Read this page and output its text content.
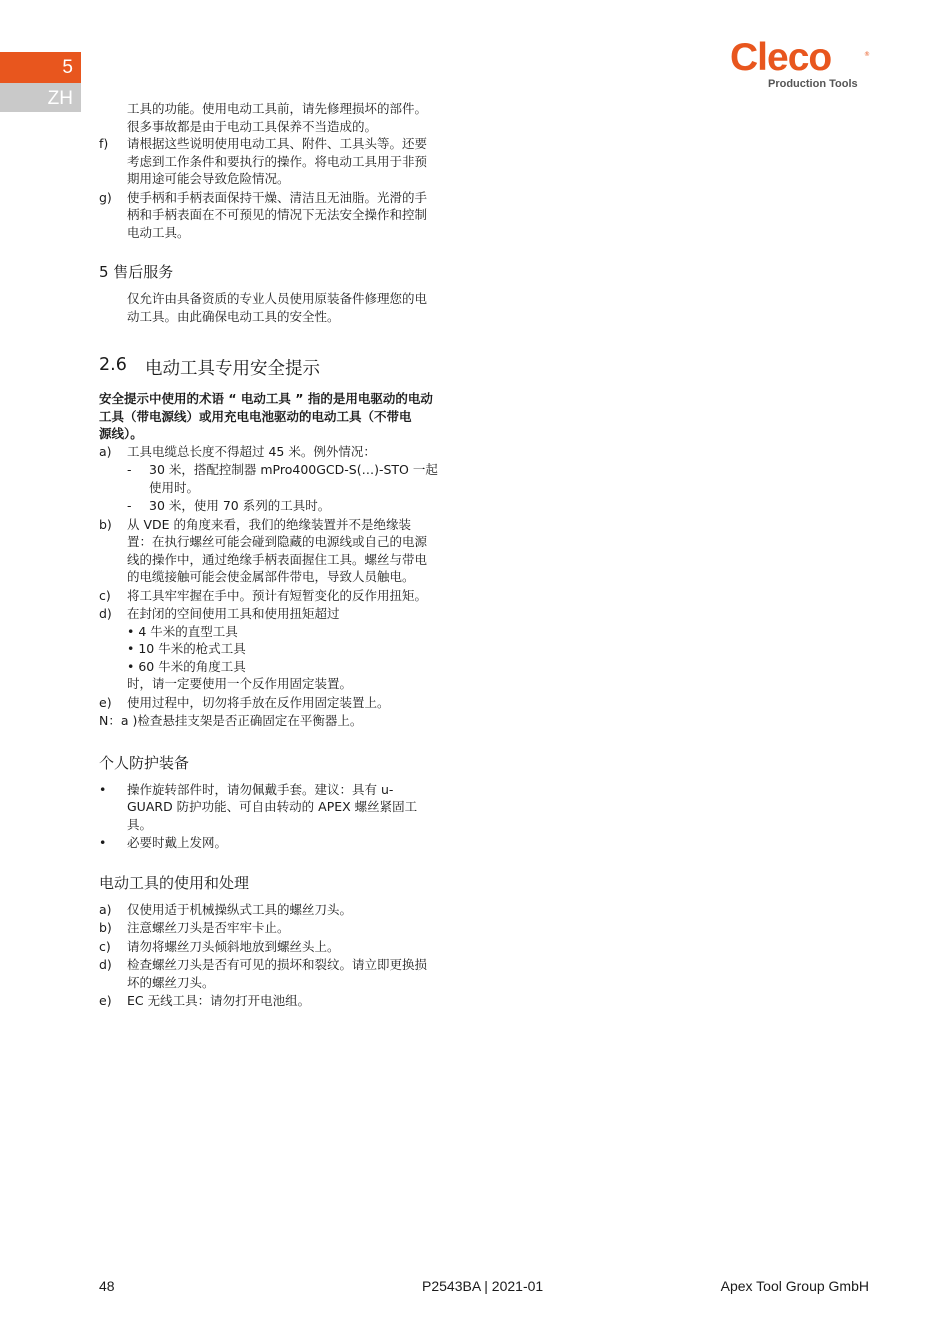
5
ZH
Cleco	®
Production Tools
工具的功能。使用电动工具前，请先修理损坏的部件。
很多事故都是由于电动工具保养不当造成的。
f)	请根据这些说明使用电动工具、附件、工具头等。还要
考虑到工作条件和要执行的操作。将电动工具用于非预
期用途可能会导致危险情况。
g)	使手柄和手柄表面保持干燥、清洁且无油脂。光滑的手
柄和手柄表面在不可预见的情况下无法安全操作和控制
电动工具。
5 售后服务
仅允许由具备资质的专业人员使用原装备件修理您的电
动工具。由此确保电动工具的安全性。
2.6	电动工具专用安全提示
安全提示中使用的术语 “ 电动工具 ” 指的是用电驱动的电动
工具（带电源线）或用充电电池驱动的电动工具（不带电
源线）。
a)	工具电缆总长度不得超过 45 米。例外情况：
-	30 米，搭配控制器 mPro400GCD-S(…)-STO 一起
使用时。
-	30 米，使用 70 系列的工具时。
b)	从 VDE 的角度来看，我们的绝缘装置并不是绝缘装
置：在执行螺丝可能会碰到隐藏的电源线或自己的电源
线的操作中，通过绝缘手柄表面握住工具。螺丝与带电
的电缆接触可能会使金属部件带电，导致人员触电。
c)	将工具牢牢握在手中。预计有短暂变化的反作用扭矩。
d)	在封闭的空间使用工具和使用扭矩超过
• 4 牛米的直型工具
• 10 牛米的枪式工具
• 60 牛米的角度工具
时，请一定要使用一个反作用固定装置。
e)	使用过程中，切勿将手放在反作用固定装置上。
N：a )检查悬挂支架是否正确固定在平衡器上。
个人防护装备
•	操作旋转部件时，请勿佩戴手套。建议：具有 u-
GUARD 防护功能、可自由转动的 APEX 螺丝紧固工
具。
•	必要时戴上发网。
电动工具的使用和处理
a)	仅使用适于机械操纵式工具的螺丝刀头。
b)	注意螺丝刀头是否牢牢卡止。
c)	请勿将螺丝刀头倾斜地放到螺丝头上。
d)	检查螺丝刀头是否有可见的损坏和裂纹。请立即更换损
坏的螺丝刀头。
e)	EC 无线工具：请勿打开电池组。
48	P2543BA | 2021-01	Apex Tool Group GmbH
